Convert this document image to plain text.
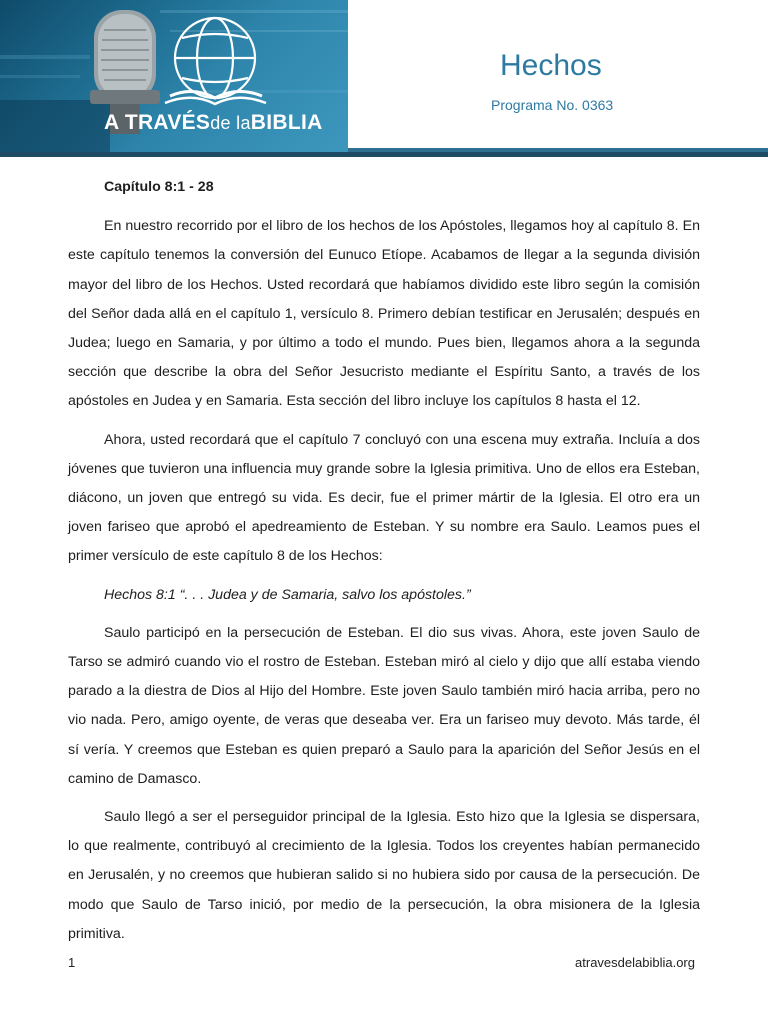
A TRAVÉSde laBIBLIA
Hechos
Programa No. 0363

Capítulo 8:1 - 28

En nuestro recorrido por el libro de los hechos de los Apóstoles, llegamos hoy al capítulo 8. En este capítulo tenemos la conversión del Eunuco Etíope. Acabamos de llegar a la segunda división mayor del libro de los Hechos. Usted recordará que habíamos dividido este libro según la comisión del Señor dada allá en el capítulo 1, versículo 8. Primero debían testificar en Jerusalén; después en Judea; luego en Samaria, y por último a todo el mundo. Pues bien, llegamos ahora a la segunda sección que describe la obra del Señor Jesucristo mediante el Espíritu Santo, a través de los apóstoles en Judea y en Samaria. Esta sección del libro incluye los capítulos 8 hasta el 12.

Ahora, usted recordará que el capítulo 7 concluyó con una escena muy extraña. Incluía a dos jóvenes que tuvieron una influencia muy grande sobre la Iglesia primitiva. Uno de ellos era Esteban, diácono, un joven que entregó su vida. Es decir, fue el primer mártir de la Iglesia. El otro era un joven fariseo que aprobó el apedreamiento de Esteban. Y su nombre era Saulo. Leamos pues el primer versículo de este capítulo 8 de los Hechos:

Hechos 8:1 “. . . Judea y de Samaria, salvo los apóstoles.”

Saulo participó en la persecución de Esteban. El dio sus vivas. Ahora, este joven Saulo de Tarso se admiró cuando vio el rostro de Esteban. Esteban miró al cielo y dijo que allí estaba viendo parado a la diestra de Dios al Hijo del Hombre. Este joven Saulo también miró hacia arriba, pero no vio nada. Pero, amigo oyente, de veras que deseaba ver. Era un fariseo muy devoto. Más tarde, él sí vería. Y creemos que Esteban es quien preparó a Saulo para la aparición del Señor Jesús en el camino de Damasco.

Saulo llegó a ser el perseguidor principal de la Iglesia. Esto hizo que la Iglesia se dispersara, lo que realmente, contribuyó al crecimiento de la Iglesia. Todos los creyentes habían permanecido en Jerusalén, y no creemos que hubieran salido si no hubiera sido por causa de la persecución. De modo que Saulo de Tarso inició, por medio de la persecución, la obra misionera de la Iglesia primitiva.

1	atravesdelabiblia.org
